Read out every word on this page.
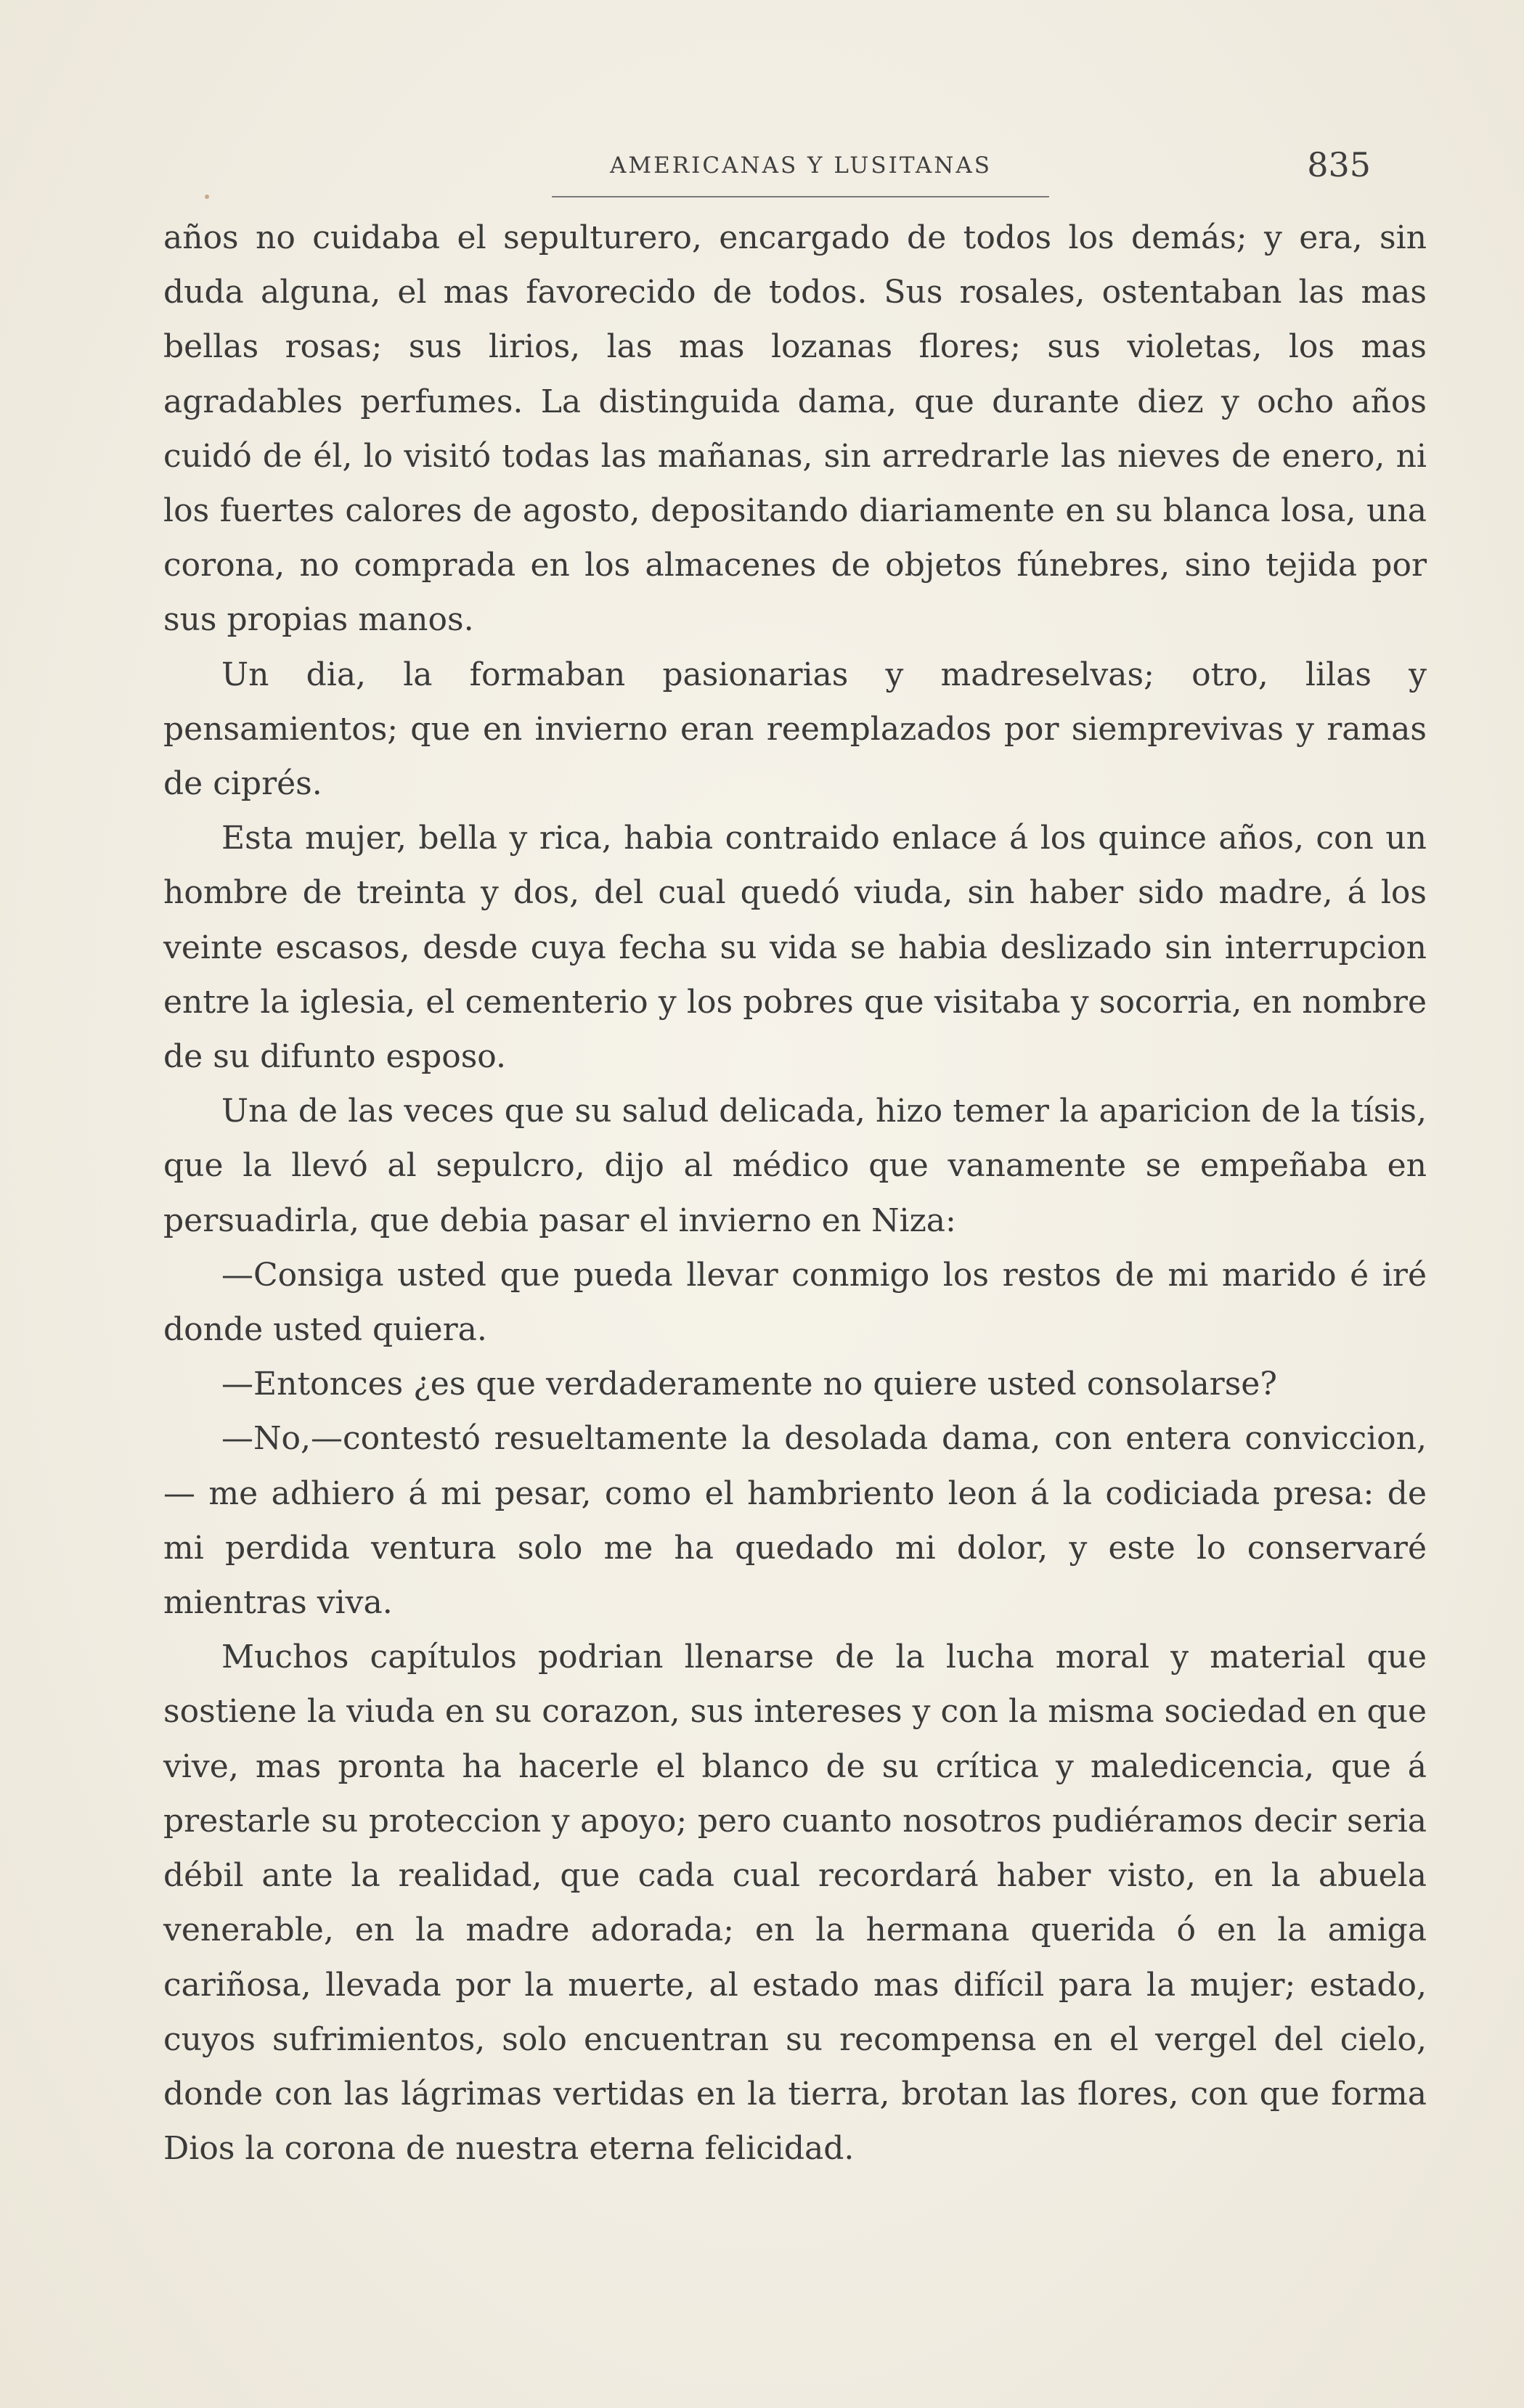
AMERICANAS Y LUSITANAS	835

años no cuidaba el sepulturero, encargado de todos los demás; y era, sin duda alguna, el mas favorecido de todos. Sus rosales, ostentaban las mas bellas rosas; sus lirios, las mas lozanas flores; sus violetas, los mas agradables perfumes. La distinguida dama, que durante diez y ocho años cuidó de él, lo visitó todas las mañanas, sin arredrarle las nieves de enero, ni los fuertes calores de agosto, depositando diariamente en su blanca losa, una corona, no comprada en los almacenes de objetos fúnebres, sino tejida por sus propias manos.

Un dia, la formaban pasionarias y madreselvas; otro, lilas y pensamientos; que en invierno eran reemplazados por siemprevivas y ramas de ciprés.

Esta mujer, bella y rica, habia contraido enlace á los quince años, con un hombre de treinta y dos, del cual quedó viuda, sin haber sido madre, á los veinte escasos, desde cuya fecha su vida se habia deslizado sin interrupcion entre la iglesia, el cementerio y los pobres que visitaba y socorria, en nombre de su difunto esposo.

Una de las veces que su salud delicada, hizo temer la aparicion de la tísis, que la llevó al sepulcro, dijo al médico que vanamente se empeñaba en persuadirla, que debia pasar el invierno en Niza:

—Consiga usted que pueda llevar conmigo los restos de mi marido é iré donde usted quiera.

—Entonces ¿es que verdaderamente no quiere usted consolarse?

—No,—contestó resueltamente la desolada dama, con entera conviccion,— me adhiero á mi pesar, como el hambriento leon á la codiciada presa: de mi perdida ventura solo me ha quedado mi dolor, y este lo conservaré mientras viva.

Muchos capítulos podrian llenarse de la lucha moral y material que sostiene la viuda en su corazon, sus intereses y con la misma sociedad en que vive, mas pronta ha hacerle el blanco de su crítica y maledicencia, que á prestarle su proteccion y apoyo; pero cuanto nosotros pudiéramos decir seria débil ante la realidad, que cada cual recordará haber visto, en la abuela venerable, en la madre adorada; en la hermana querida ó en la amiga cariñosa, llevada por la muerte, al estado mas difícil para la mujer; estado, cuyos sufrimientos, solo encuentran su recompensa en el vergel del cielo, donde con las lágrimas vertidas en la tierra, brotan las flores, con que forma Dios la corona de nuestra eterna felicidad.
